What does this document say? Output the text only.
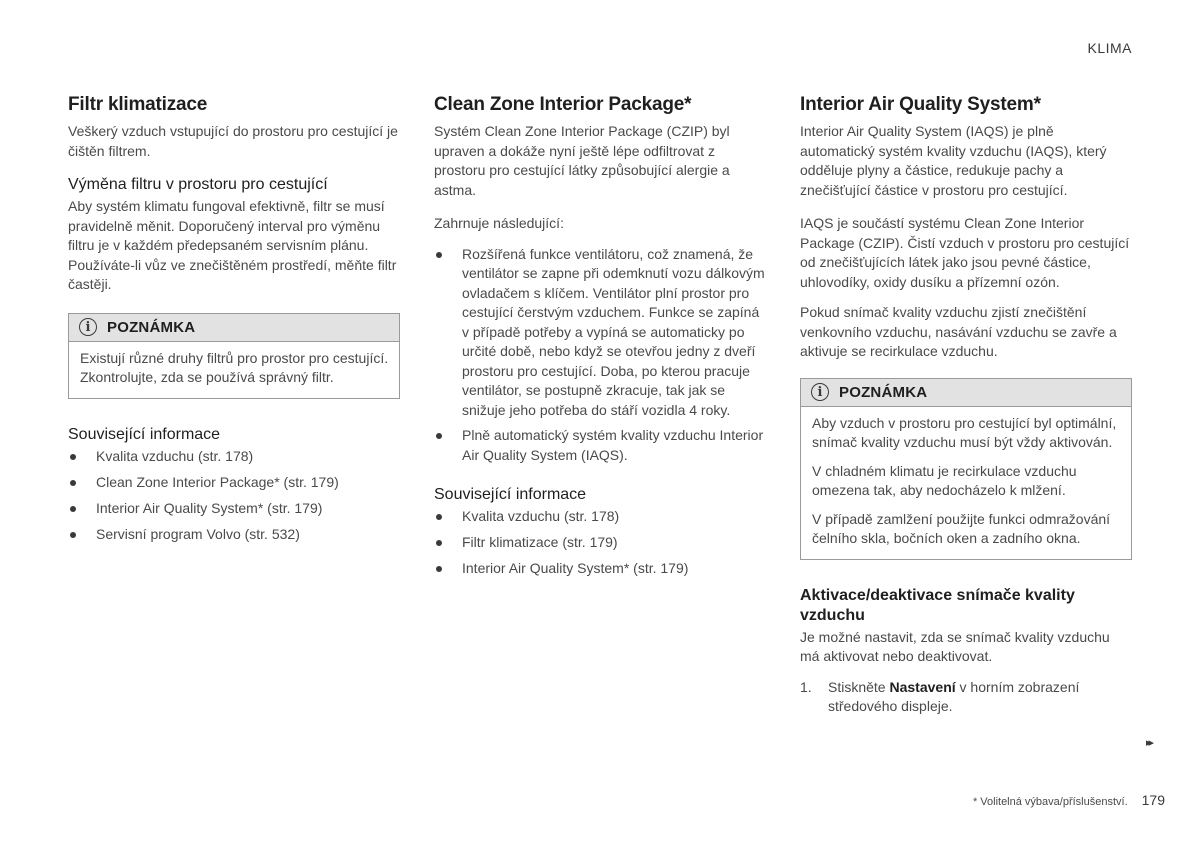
KLIMA
Filtr klimatizace

Veškerý vzduch vstupující do prostoru pro cestující je čištěn filtrem.

Výměna filtru v prostoru pro cestující

Aby systém klimatu fungoval efektivně, filtr se musí pravidelně měnit. Doporučený interval pro výměnu filtru je v každém předepsaném servisním plánu. Používáte-li vůz ve znečištěném prostředí, měňte filtr častěji.

i	POZNÁMKA

Existují různé druhy filtrů pro prostor pro cestující. Zkontrolujte, zda se používá správný filtr.

Související informace
Kvalita vzduchu (str. 178)
Clean Zone Interior Package* (str. 179)
Interior Air Quality System* (str. 179)
Servisní program Volvo (str. 532)
Clean Zone Interior Package*

Systém Clean Zone Interior Package (CZIP) byl upraven a dokáže nyní ještě lépe odfiltrovat z prostoru pro cestující látky způsobující alergie a astma.

Zahrnuje následující:

Rozšířená funkce ventilátoru, což znamená, že ventilátor se zapne při odemknutí vozu dálkovým ovladačem s klíčem. Ventilátor plní prostor pro cestující čerstvým vzduchem. Funkce se zapíná v případě potřeby a vypíná se automaticky po určité době, nebo když se otevřou jedny z dveří prostoru pro cestující. Doba, po kterou pracuje ventilátor, se postupně zkracuje, tak jak se snižuje jeho potřeba do stáří vozidla 4 roky.
Plně automatický systém kvality vzduchu Interior Air Quality System (IAQS).
Související informace
Kvalita vzduchu (str. 178)
Filtr klimatizace (str. 179)
Interior Air Quality System* (str. 179)
Interior Air Quality System*

Interior Air Quality System (IAQS) je plně automatický systém kvality vzduchu (IAQS), který odděluje plyny a částice, redukuje pachy a znečišťující částice v prostoru pro cestující.

IAQS je součástí systému Clean Zone Interior Package (CZIP). Čistí vzduch v prostoru pro cestující od znečišťujících látek jako jsou pevné částice, uhlovodíky, oxidy dusíku a přízemní ozón.

Pokud snímač kvality vzduchu zjistí znečištění venkovního vzduchu, nasávání vzduchu se zavře a aktivuje se recirkulace vzduchu.

i	POZNÁMKA

Aby vzduch v prostoru pro cestující byl optimální, snímač kvality vzduchu musí být vždy aktivován.

V chladném klimatu je recirkulace vzduchu omezena tak, aby nedocházelo k mlžení.

V případě zamlžení použijte funkci odmražování čelního skla, bočních oken a zadního okna.

Aktivace/deaktivace snímače kvality vzduchu

Je možné nastavit, zda se snímač kvality vzduchu má aktivovat nebo deaktivovat.

1. Stiskněte Nastavení v horním zobrazení středového displeje.
▸▸
* Volitelná výbava/příslušenství. 179
